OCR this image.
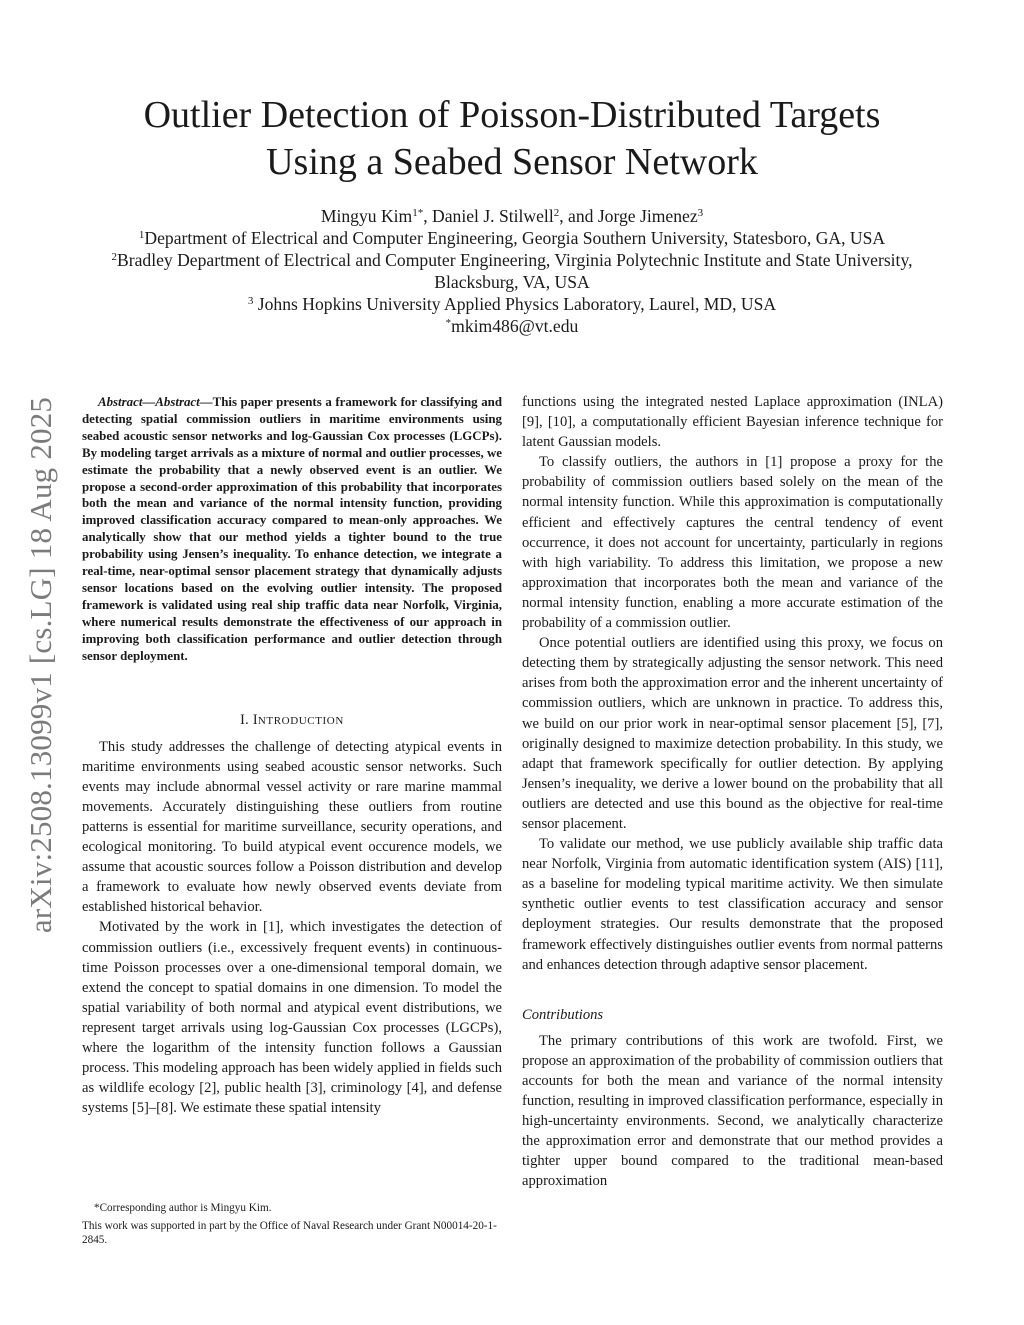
Outlier Detection of Poisson-Distributed Targets
Using a Seabed Sensor Network
Mingyu Kim$^{1*}$, Daniel J. Stilwell$^2$, and Jorge Jimenez$^3$
$^1$Department of Electrical and Computer Engineering, Georgia Southern University, Statesboro, GA, USA
$^2$Bradley Department of Electrical and Computer Engineering, Virginia Polytechnic Institute and State University,
Blacksburg, VA, USA
$^3$ Johns Hopkins University Applied Physics Laboratory, Laurel, MD, USA
*mkim486@vt.edu
arXiv:2508.13099v1 [cs.LG] 18 Aug 2025	Abstract—Abstract—This paper presents a framework for classifying and detecting spatial commission outliers in maritime environments using seabed acoustic sensor networks and log-Gaussian Cox processes (LGCPs). By modeling target arrivals as a mixture of normal and outlier processes, we estimate the probability that a newly observed event is an outlier. We propose a second-order approximation of this probability that incorporates both the mean and variance of the normal intensity function, providing improved classification accuracy compared to mean-only approaches. We analytically show that our method yields a tighter bound to the true probability using Jensen’s inequality. To enhance detection, we integrate a real-time, near-optimal sensor placement strategy that dynamically adjusts sensor locations based on the evolving outlier intensity. The proposed framework is validated using real ship traffic data near Norfolk, Virginia, where numerical results demonstrate the effectiveness of our approach in improving both classification performance and outlier detection through sensor deployment.
I. INTRODUCTION

This study addresses the challenge of detecting atypical events in maritime environments using seabed acoustic sensor networks. Such events may include abnormal vessel activity or rare marine mammal movements. Accurately distinguishing these outliers from routine patterns is essential for maritime surveillance, security operations, and ecological monitoring. To build atypical event occurence models, we assume that acoustic sources follow a Poisson distribution and develop a framework to evaluate how newly observed events deviate from established historical behavior.

Motivated by the work in [1], which investigates the detection of commission outliers (i.e., excessively frequent events) in continuous-time Poisson processes over a one-dimensional temporal domain, we extend the concept to spatial domains in one dimension. To model the spatial variability of both normal and atypical event distributions, we represent target arrivals using log-Gaussian Cox processes (LGCPs), where the logarithm of the intensity function follows a Gaussian process. This modeling approach has been widely applied in fields such as wildlife ecology [2], public health [3], criminology [4], and defense systems [5]–[8]. We estimate these spatial intensity

*Corresponding author is Mingyu Kim.
This work was supported in part by the Office of Naval Research under Grant N00014-20-1-2845.

functions using the integrated nested Laplace approximation (INLA) [9], [10], a computationally efficient Bayesian inference technique for latent Gaussian models.

To classify outliers, the authors in [1] propose a proxy for the probability of commission outliers based solely on the mean of the normal intensity function. While this approximation is computationally efficient and effectively captures the central tendency of event occurrence, it does not account for uncertainty, particularly in regions with high variability. To address this limitation, we propose a new approximation that incorporates both the mean and variance of the normal intensity function, enabling a more accurate estimation of the probability of a commission outlier.

Once potential outliers are identified using this proxy, we focus on detecting them by strategically adjusting the sensor network. This need arises from both the approximation error and the inherent uncertainty of commission outliers, which are unknown in practice. To address this, we build on our prior work in near-optimal sensor placement [5], [7], originally designed to maximize detection probability. In this study, we adapt that framework specifically for outlier detection. By applying Jensen’s inequality, we derive a lower bound on the probability that all outliers are detected and use this bound as the objective for real-time sensor placement.

To validate our method, we use publicly available ship traffic data near Norfolk, Virginia from automatic identification system (AIS) [11], as a baseline for modeling typical maritime activity. We then simulate synthetic outlier events to test classification accuracy and sensor deployment strategies. Our results demonstrate that the proposed framework effectively distinguishes outlier events from normal patterns and enhances detection through adaptive sensor placement.

Contributions

The primary contributions of this work are twofold. First, we propose an approximation of the probability of commission outliers that accounts for both the mean and variance of the normal intensity function, resulting in improved classification performance, especially in high-uncertainty environments. Second, we analytically characterize the approximation error and demonstrate that our method provides a tighter upper bound compared to the traditional mean-based approximation
